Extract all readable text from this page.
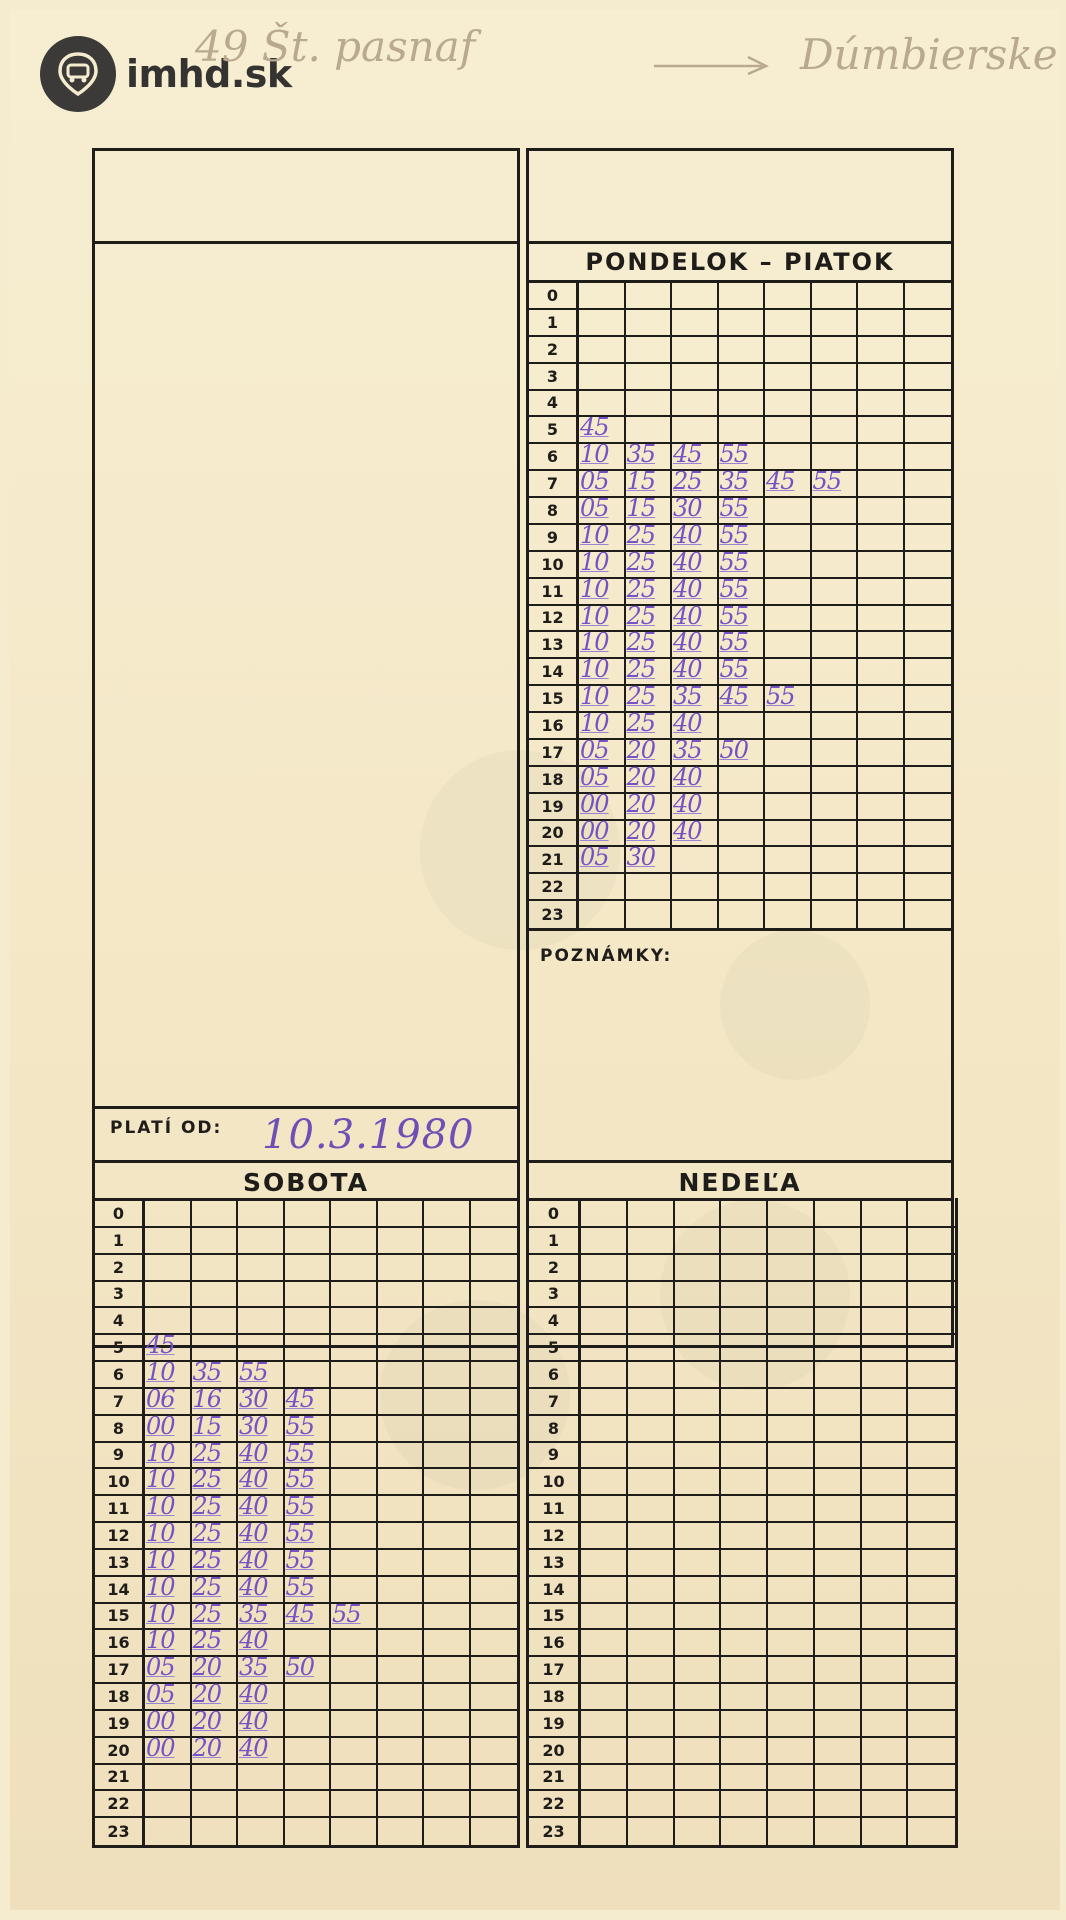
imhd.sk
49 Št. pasnaf	Dúmbierske
PONDELOK – PIATOK
0
1
2
3
4
5 45
6 10 35 45 55
7 05 15 25 35 45 55
8 05 15 30 55
9 10 25 40 55
10 10 25 40 55
11 10 25 40 55
12 10 25 40 55
13 10 25 40 55
14 10 25 40 55
15 10 25 35 45 55
16 10 25 40
17 05 20 35 50
18 05 20 40
19 00 20 40
20 00 20 40
21 05 30
22
23
POZNÁMKY:
PLATÍ OD: 10.3.1980
SOBOTA	NEDEĽA
0
1
2
3
4
5 45
6 10 35 55
7 06 16 30 45
8 00 15 30 55
9 10 25 40 55
10 10 25 40 55
11 10 25 40 55
12 10 25 40 55
13 10 25 40 55
14 10 25 40 55
15 10 25 35 45 55
16 10 25 40
17 05 20 35 50
18 05 20 40
19 00 20 40
20 00 20 40
21
22
23
0
1
2
3
4
5
6
7
8
9
10
11
12
13
14
15
16
17
18
19
20
21
22
23
